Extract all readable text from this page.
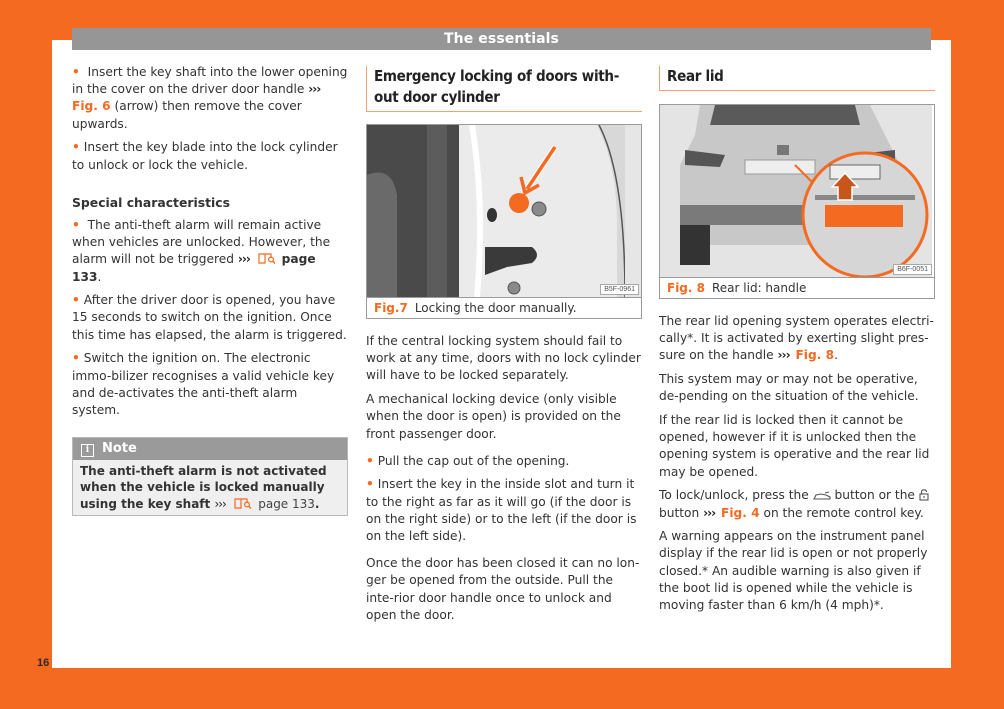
The essentials

• Insert the key shaft into the lower opening in the cover on the driver door handle ››› Fig. 6 (arrow) then remove the cover upwards.

• Insert the key blade into the lock cylinder to unlock or lock the vehicle.

Special characteristics

• The anti-theft alarm will remain active when vehicles are unlocked. However, the alarm will not be triggered ›››	page 133.

• After the driver door is opened, you have 15 seconds to switch on the ignition. Once this time has elapsed, the alarm is triggered.

• Switch the ignition on. The electronic immo-bilizer recognises a valid vehicle key and de-activates the anti-theft alarm system.

i Note
The anti-theft alarm is not activated when the vehicle is locked manually using the key shaft ›››	page 133.
Emergency locking of doors with-out door cylinder
B5F-0961
Fig.7 Locking the door manually.

If the central locking system should fail to work at any time, doors with no lock cylinder will have to be locked separately.

A mechanical locking device (only visible when the door is open) is provided on the front passenger door.

• Pull the cap out of the opening.

• Insert the key in the inside slot and turn it to the right as far as it will go (if the door is on the right side) or to the left (if the door is on the left side).

Once the door has been closed it can no lon-ger be opened from the outside. Pull the inte-rior door handle once to unlock and open the door.

Rear lid
B6F-0051
Fig. 8 Rear lid: handle

The rear lid opening system operates electri-cally*. It is activated by exerting slight pres-sure on the handle ››› Fig. 8.

This system may or may not be operative, de-pending on the situation of the vehicle.

If the rear lid is locked then it cannot be opened, however if it is unlocked then the opening system is operative and the rear lid may be opened.

To lock/unlock, press the button or the  button ››› Fig. 4 on the remote control key.

A warning appears on the instrument panel display if the rear lid is open or not properly closed.* An audible warning is also given if the boot lid is opened while the vehicle is moving faster than 6 km/h (4 mph)*.

16
